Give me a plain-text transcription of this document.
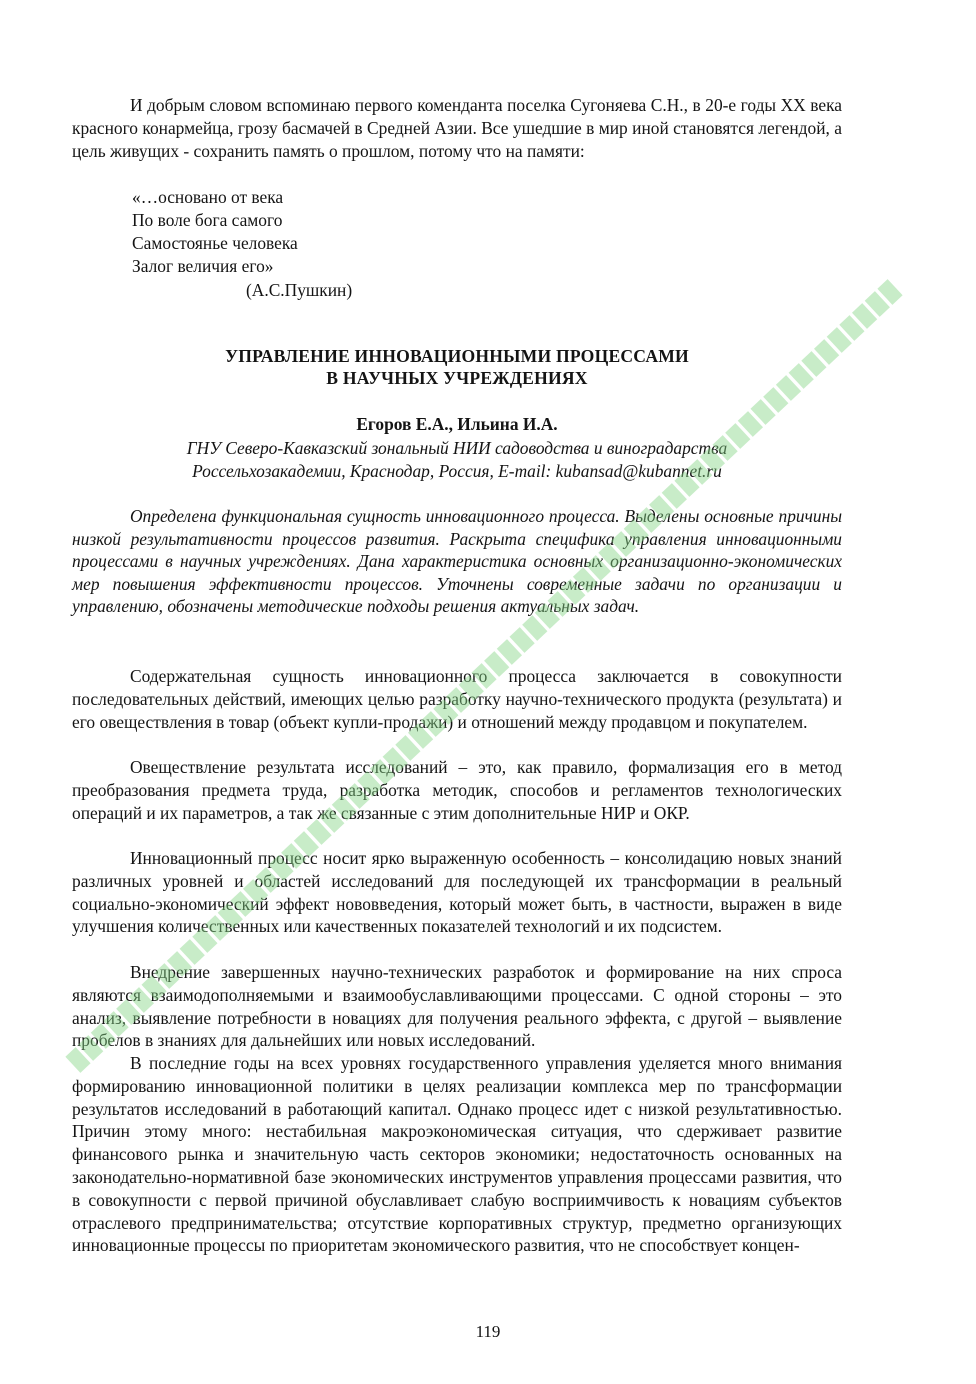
И добрым словом вспоминаю первого коменданта поселка Сугоняева С.Н., в 20-е годы XX века красного конармейца, грозу басмачей в Средней Азии. Все ушедшие в мир иной становятся легендой, а цель живущих - сохранить память о прошлом, потому что на памяти:

«…основано от века
По воле бога самого
Самостоянье человека
Залог величия его»
(А.С.Пушкин)
УПРАВЛЕНИЕ ИННОВАЦИОННЫМИ ПРОЦЕССАМИ
В НАУЧНЫХ УЧРЕЖДЕНИЯХ
Егоров Е.А., Ильина И.А.
ГНУ Северо-Кавказский зональный НИИ садоводства и виноградарства
Россельхозакадемии, Краснодар, Россия, E-mail: kubansad@kubannet.ru

Определена функциональная сущность инновационного процесса. Выделены основные причины низкой результативности процессов развития. Раскрыта специфика управления инновационными процессами в научных учреждениях. Дана характеристика основных организационно-экономических мер повышения эффективности процессов. Уточнены современные задачи по организации и управлению, обозначены методические подходы решения актуальных задач.

Содержательная сущность инновационного процесса заключается в совокупности последовательных действий, имеющих целью разработку научно-технического продукта (результата) и его овеществления в товар (объект купли-продажи) и отношений между продавцом и покупателем.

Овеществление результата исследований – это, как правило, формализация его в метод преобразования предмета труда, разработка методик, способов и регламентов технологических операций и их параметров, а так же связанные с этим дополнительные НИР и ОКР.

Инновационный процесс носит ярко выраженную особенность – консолидацию новых знаний различных уровней и областей исследований для последующей их трансформации в реальный социально-экономический эффект нововведения, который может быть, в частности, выражен в виде улучшения количественных или качественных показателей технологий и их подсистем.

Внедрение завершенных научно-технических разработок и формирование на них спроса являются взаимодополняемыми и взаимообуславливающими процессами. С одной стороны – это анализ, выявление потребности в новациях для получения реального эффекта, с другой – выявление пробелов в знаниях для дальнейших или новых исследований.

В последние годы на всех уровнях государственного управления уделяется много внимания формированию инновационной политики в целях реализации комплекса мер по трансформации результатов исследований в работающий капитал. Однако процесс идет с низкой результативностью. Причин этому много: нестабильная макроэкономическая ситуация, что сдерживает развитие финансового рынка и значительную часть секторов экономики; недостаточность основанных на законодательно-нормативной базе экономических инструментов управления процессами развития, что в совокупности с первой причиной обуславливает слабую восприимчивость к новациям субъектов отраслевого предпринимательства; отсутствие корпоративных структур, предметно организующих инновационные процессы по приоритетам экономического развития, что не способствует концен-

119
